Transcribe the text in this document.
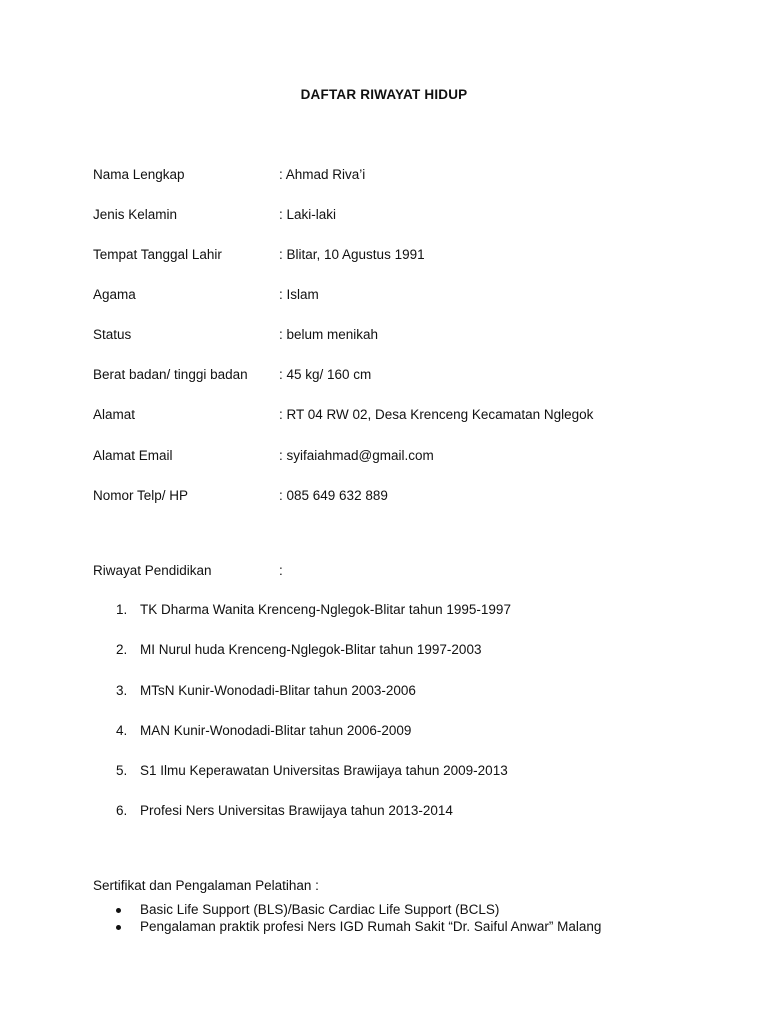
DAFTAR RIWAYAT HIDUP
Nama Lengkap	: Ahmad Riva’i
Jenis Kelamin	: Laki-laki
Tempat Tanggal Lahir	: Blitar, 10 Agustus 1991
Agama	: Islam
Status	: belum menikah
Berat badan/ tinggi badan : 45 kg/ 160 cm
Alamat	: RT 04 RW 02, Desa Krenceng Kecamatan Nglegok
Alamat Email	: syifaiahmad@gmail.com
Nomor Telp/ HP	: 085 649 632 889
Riwayat Pendidikan	:
1. TK Dharma Wanita Krenceng-Nglegok-Blitar tahun 1995-1997
2. MI Nurul huda Krenceng-Nglegok-Blitar tahun 1997-2003
3. MTsN Kunir-Wonodadi-Blitar tahun 2003-2006
4. MAN Kunir-Wonodadi-Blitar tahun 2006-2009
5. S1 Ilmu Keperawatan Universitas Brawijaya tahun 2009-2013
6. Profesi Ners Universitas Brawijaya tahun 2013-2014
Sertifikat dan Pengalaman Pelatihan :
Basic Life Support (BLS)/Basic Cardiac Life Support (BCLS)
Pengalaman praktik profesi Ners IGD Rumah Sakit “Dr. Saiful Anwar” Malang
